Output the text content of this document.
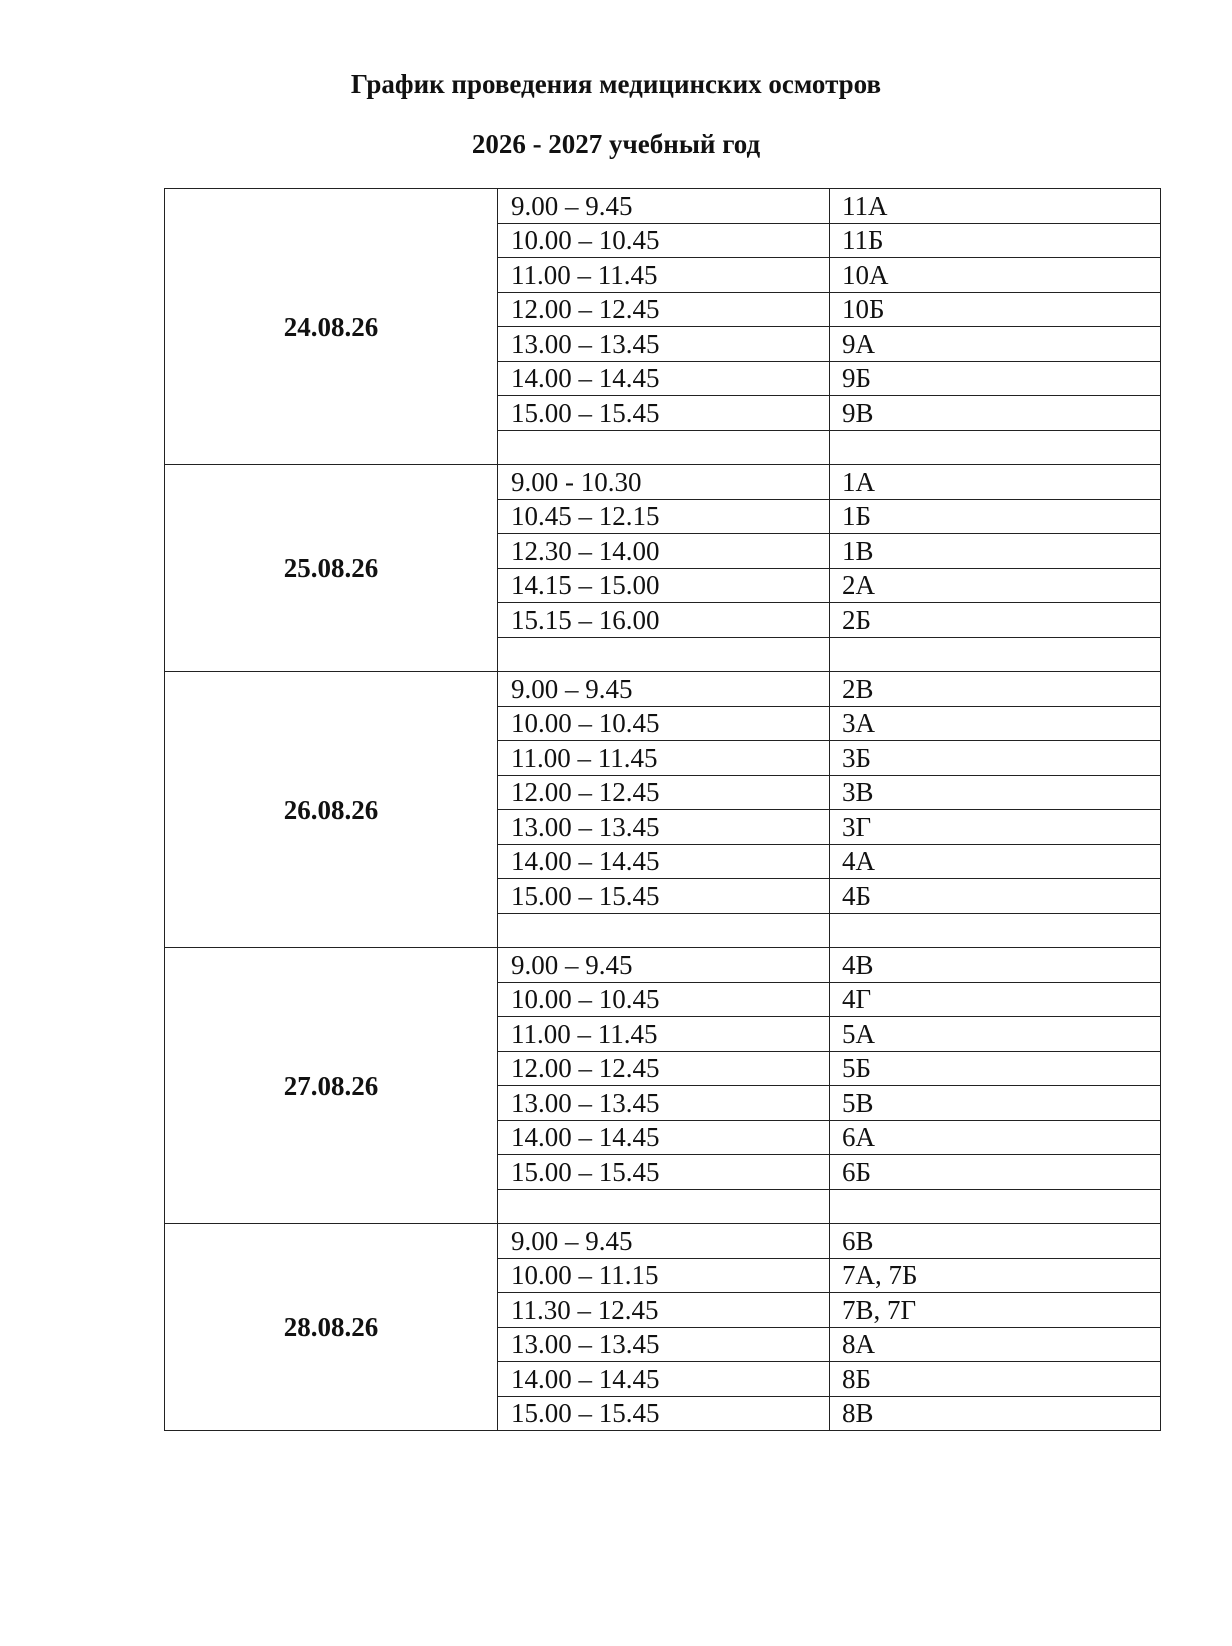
График проведения медицинских осмотров
2026 - 2027 учебный год
24.08.26	9.00 – 9.45	11А
	10.00 – 10.45	11Б
	11.00 – 11.45	10А
	12.00 – 12.45	10Б
	13.00 – 13.45	9А
	14.00 – 14.45	9Б
	15.00 – 15.45	9В

25.08.26	9.00 - 10.30	1А
	10.45 – 12.15	1Б
	12.30 – 14.00	1В
	14.15 – 15.00	2А
	15.15 – 16.00	2Б

26.08.26	9.00 – 9.45	2В
	10.00 – 10.45	3А
	11.00 – 11.45	3Б
	12.00 – 12.45	3В
	13.00 – 13.45	3Г
	14.00 – 14.45	4А
	15.00 – 15.45	4Б

27.08.26	9.00 – 9.45	4В
	10.00 – 10.45	4Г
	11.00 – 11.45	5А
	12.00 – 12.45	5Б
	13.00 – 13.45	5В
	14.00 – 14.45	6А
	15.00 – 15.45	6Б

28.08.26	9.00 – 9.45	6В
	10.00 – 11.15	7А, 7Б
	11.30 – 12.45	7В, 7Г
	13.00 – 13.45	8А
	14.00 – 14.45	8Б
	15.00 – 15.45	8В
